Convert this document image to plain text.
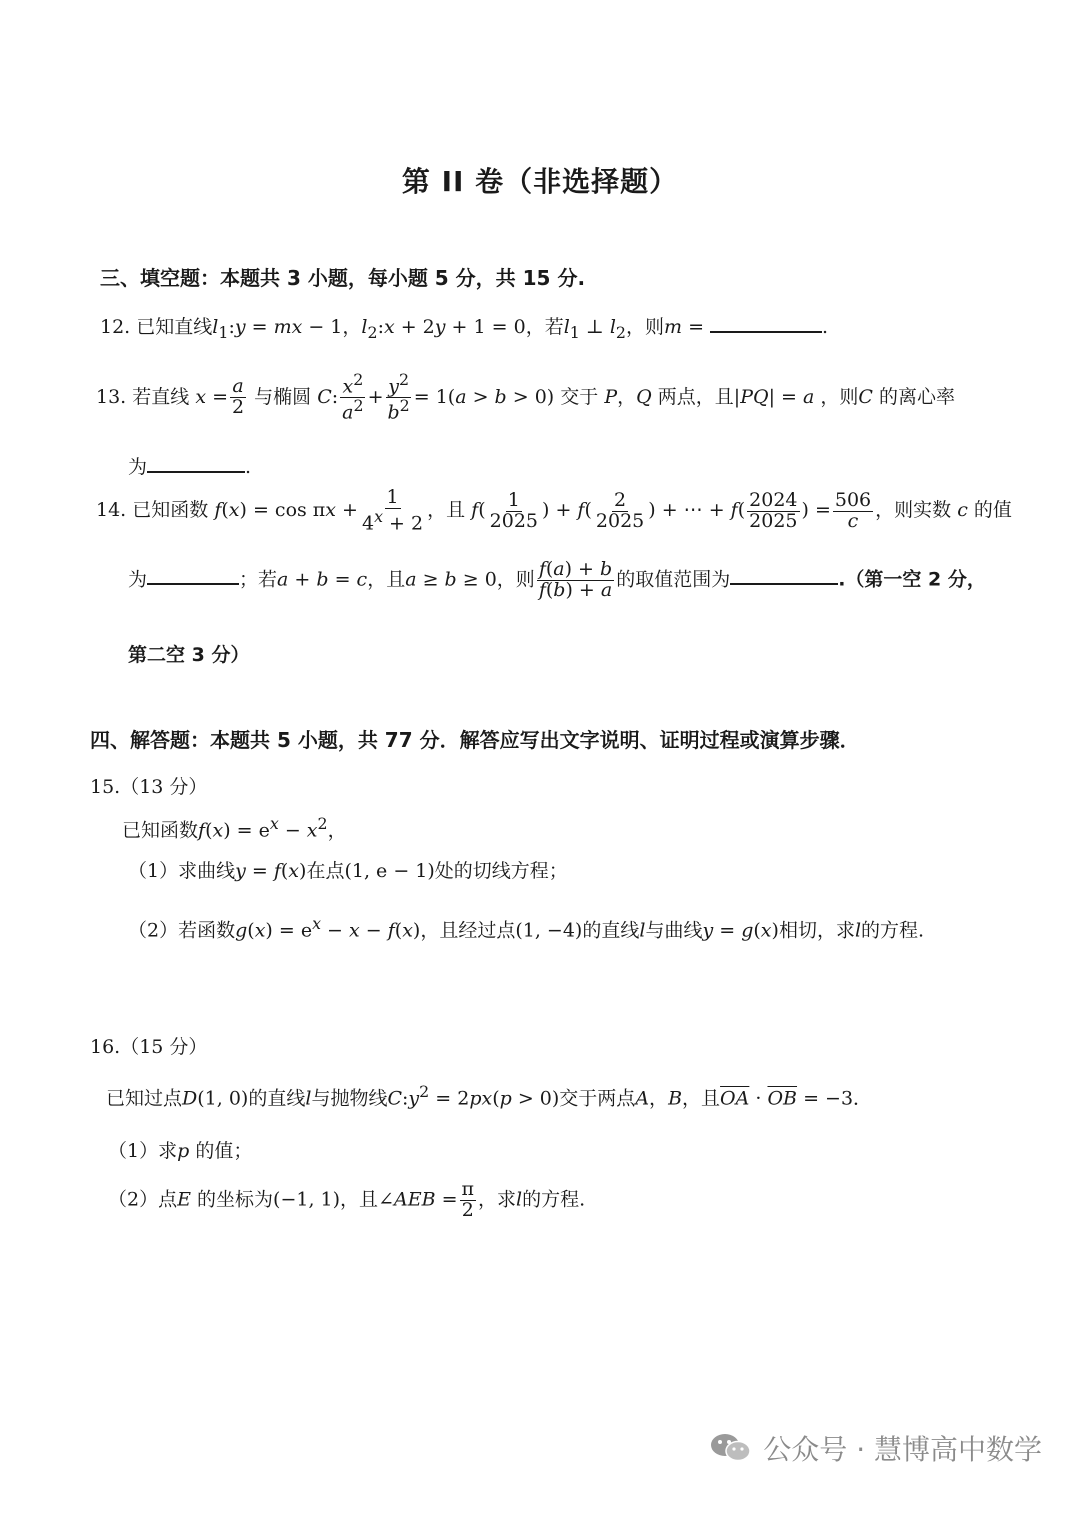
第 II 卷（非选择题）
三、填空题：本题共 3 小题，每小题 5 分，共 15 分.
12. 已知直线$l_1:y$ = mx − 1，$l_2:x + 2y + 1 = 0$，若$l_1$ ⊥ $l_2$，则m =	.
13. 若直线 $x = \frac{a}{2}$ 与椭圆 C: $\frac{x^2}{a^2} + \frac{y^2}{b^2} = 1(a > b > 0)$ 交于 P，Q 两点，且|PQ| = a ，则C 的离心率
为	.
14. 已知函数 $f(x) = \cos \pi x + \frac{1}{4^x + 2}$ ，且 $f( \frac{1}{2025}$ ) + $f( \frac{2}{2025}$ ) + ⋯ + $f( \frac{2024}{2025}$ ) = $\frac{506}{c}$ ，则实数 c 的值
为	；若a + b = c，且a ≥ b ≥ 0，则 $\frac{f(a) + b}{f(b) + a}$ 的取值范围为	.（第一空 2 分，
第二空 3 分）
四、解答题：本题共 5 小题，共 77 分．解答应写出文字说明、证明过程或演算步骤．
15.（13 分）
已知函数$f(x) = e^x - x^2$，
（1）求曲线y = f(x)在点(1, e − 1)处的切线方程；
（2）若函数$g(x) = e^x - x - f(x)$，且经过点(1, −4)的直线l与曲线y = g(x)相切，求l的方程.
16.（15 分）
已知过点D(1, 0)的直线l与抛物线$C:y^2 = 2px(p > 0)$交于两点A，B，且$\overline{OA} \cdot \overline{OB} = -3$．
（1）求p 的值；
（2）点E 的坐标为(−1, 1)，且∠AEB = $\frac{\pi}{2}$ ，求l的方程.
公众号 · 慧博高中数学
